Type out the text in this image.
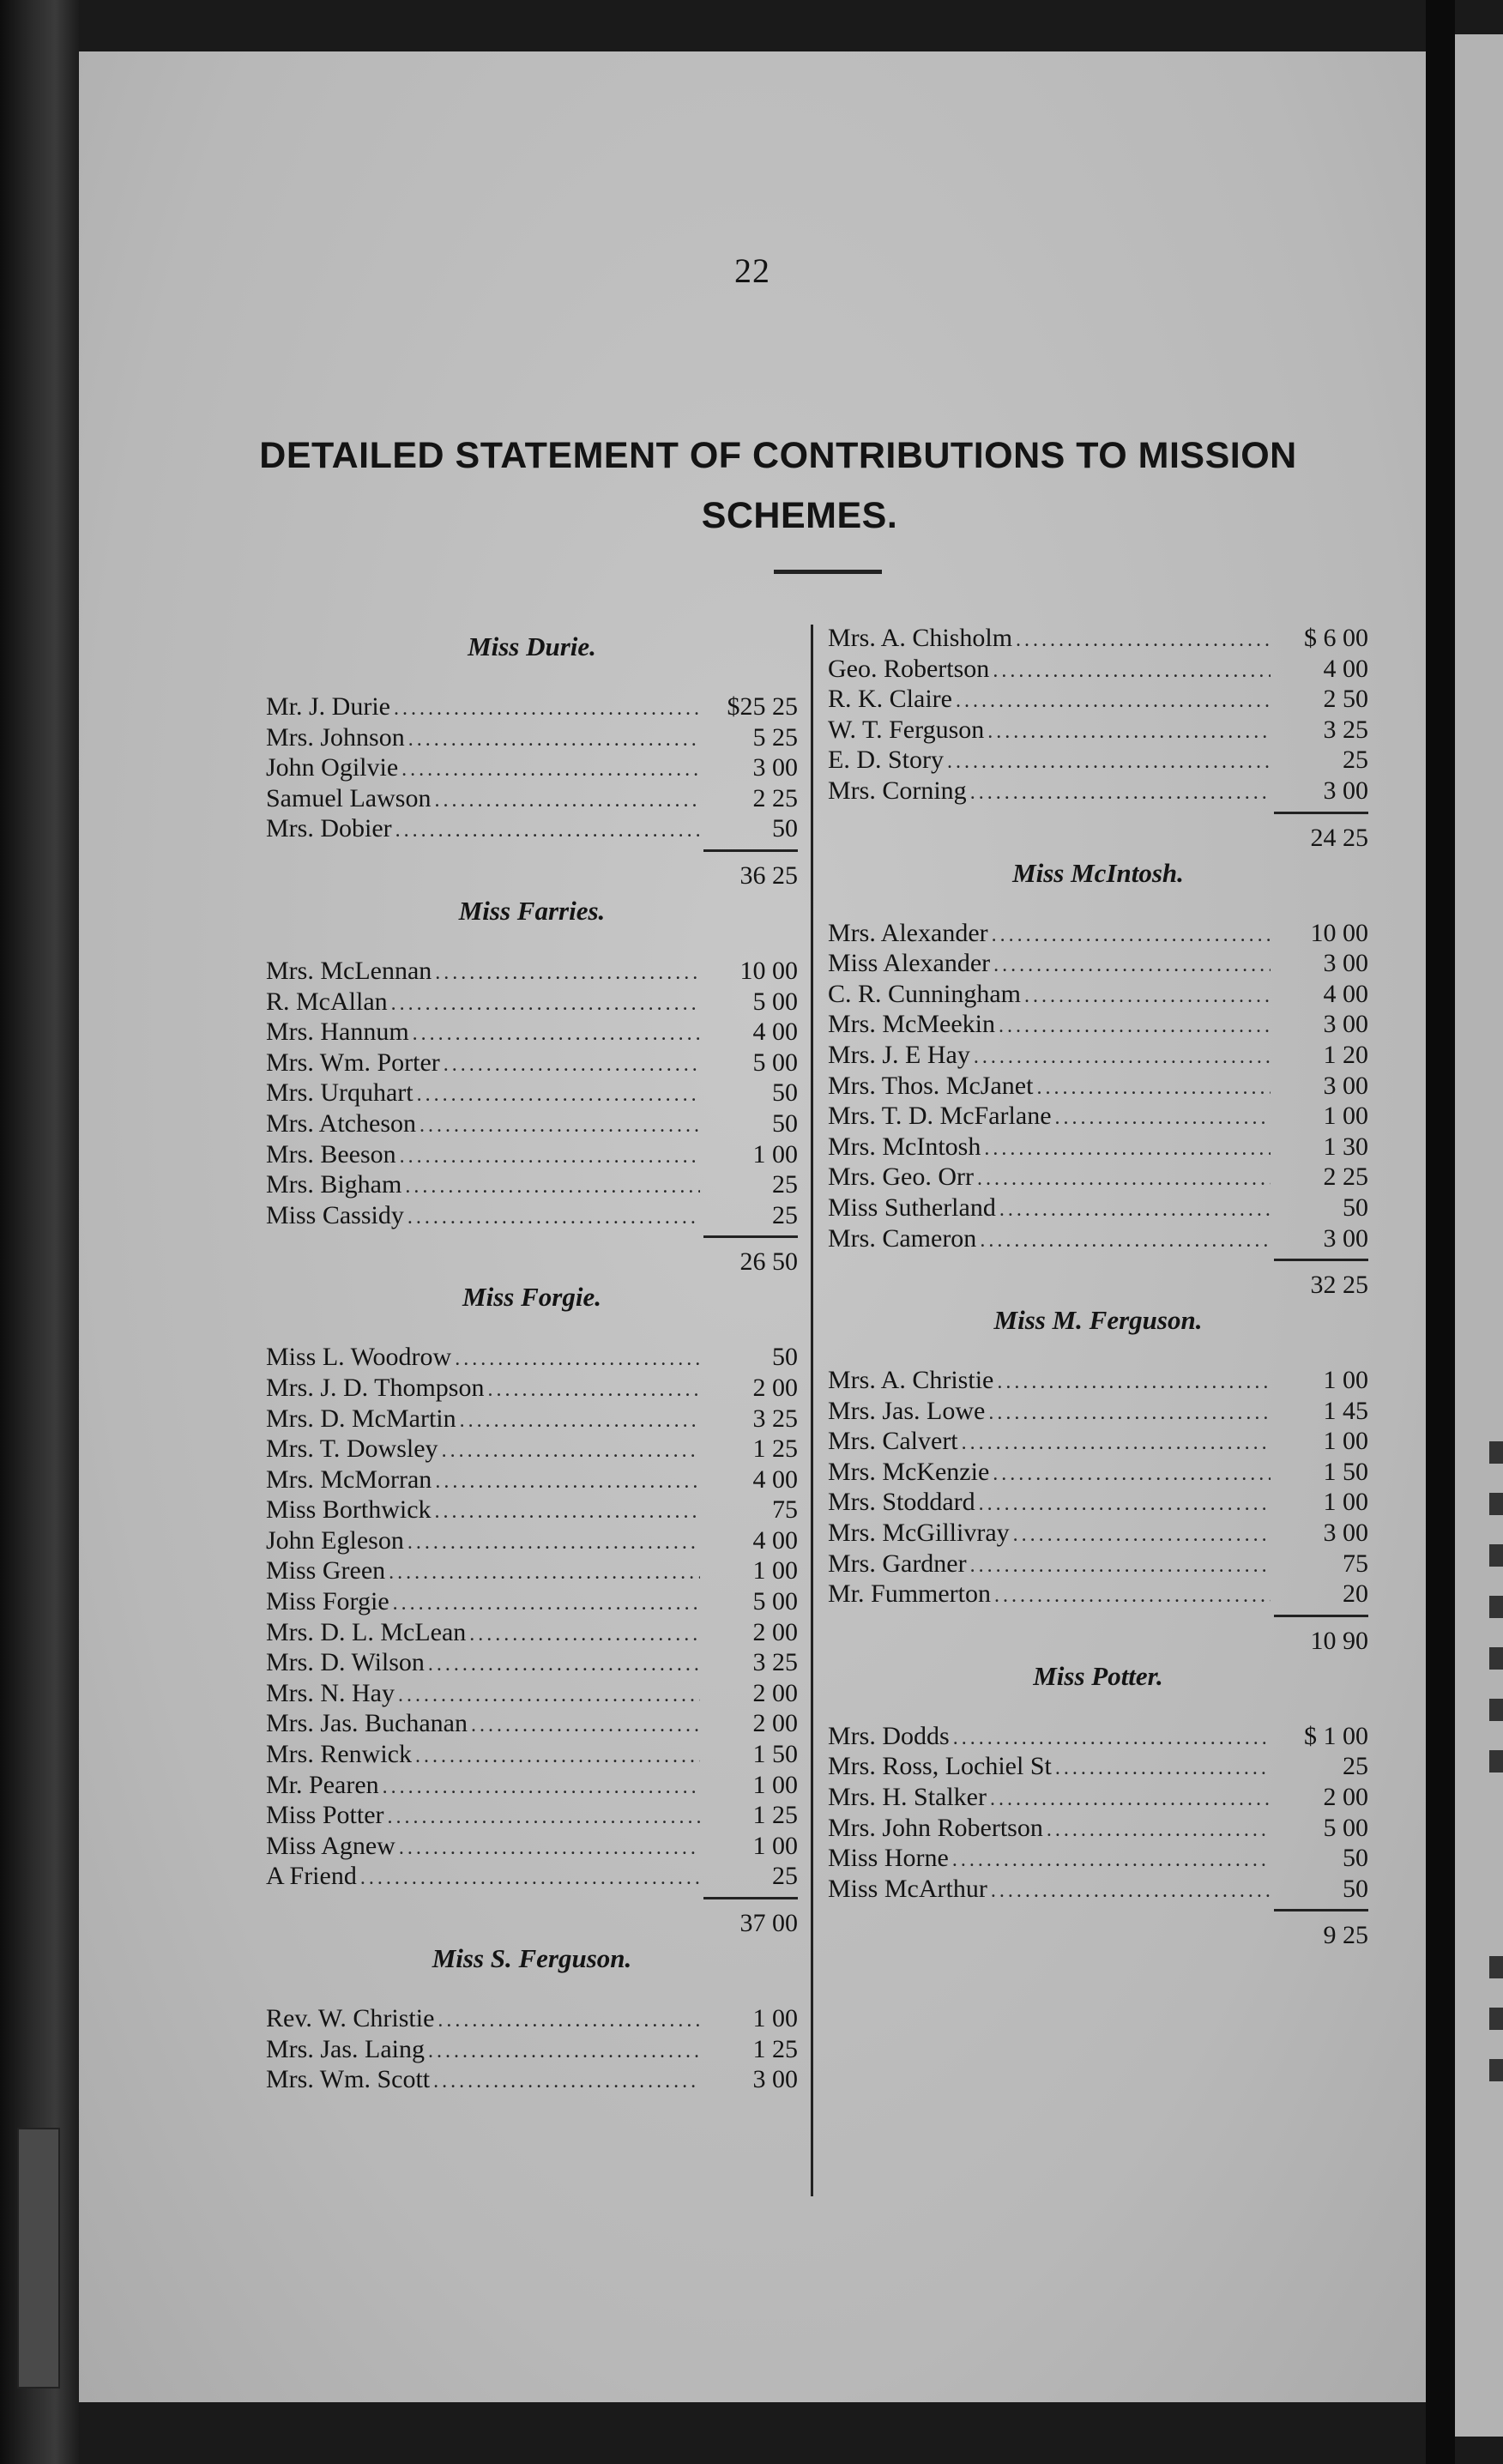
22
DETAILED STATEMENT OF CONTRIBUTIONS TO MISSION
SCHEMES.
Miss Durie.
Mr. J. Durie .....	$25 25
Mrs. Johnson .....	5 25
John Ogilvie .....	3 00
Samuel Lawson .....	2 25
Mrs. Dobier .....	50
36 25
Miss Farries.
Mrs. McLennan .....	10 00
R. McAllan .....	5 00
Mrs. Hannum .....	4 00
Mrs. Wm. Porter .....	5 00
Mrs. Urquhart .....	50
Mrs. Atcheson .....	50
Mrs. Beeson .....	1 00
Mrs. Bigham .....	25
Miss Cassidy .....	25
26 50
Miss Forgie.
Miss L. Woodrow .....	50
Mrs. J. D. Thompson .....	2 00
Mrs. D. McMartin .....	3 25
Mrs. T. Dowsley .....	1 25
Mrs. McMorran .....	4 00
Miss Borthwick .....	75
John Egleson .....	4 00
Miss Green .....	1 00
Miss Forgie .....	5 00
Mrs. D. L. McLean .....	2 00
Mrs. D. Wilson .....	3 25
Mrs. N. Hay .....	2 00
Mrs. Jas. Buchanan .....	2 00
Mrs. Renwick .....	1 50
Mr. Pearen .....	1 00
Miss Potter .....	1 25
Miss Agnew .....	1 00
A Friend .....	25
37 00
Miss S. Ferguson.
Rev. W. Christie .....	1 00
Mrs. Jas. Laing .....	1 25
Mrs. Wm. Scott .....	3 00
Mrs. A. Chisholm .....	$ 6 00
Geo. Robertson .....	4 00
R. K. Claire .....	2 50
W. T. Ferguson .....	3 25
E. D. Story .....	25
Mrs. Corning .....	3 00
24 25
Miss McIntosh.
Mrs. Alexander .....	10 00
Miss Alexander .....	3 00
C. R. Cunningham .....	4 00
Mrs. McMeekin .....	3 00
Mrs. J. E Hay .....	1 20
Mrs. Thos. McJanet .....	3 00
Mrs. T. D. McFarlane .....	1 00
Mrs. McIntosh .....	1 30
Mrs. Geo. Orr .....	2 25
Miss Sutherland .....	50
Mrs. Cameron .....	3 00
32 25
Miss M. Ferguson.
Mrs. A. Christie .....	1 00
Mrs. Jas. Lowe .....	1 45
Mrs. Calvert .....	1 00
Mrs. McKenzie .....	1 50
Mrs. Stoddard .....	1 00
Mrs. McGillivray .....	3 00
Mrs. Gardner .....	75
Mr. Fummerton .....	20
10 90
Miss Potter.
Mrs. Dodds .....	$ 1 00
Mrs. Ross, Lochiel St .....	25
Mrs. H. Stalker .....	2 00
Mrs. John Robertson .....	5 00
Miss Horne .....	50
Miss McArthur .....	50
9 25
